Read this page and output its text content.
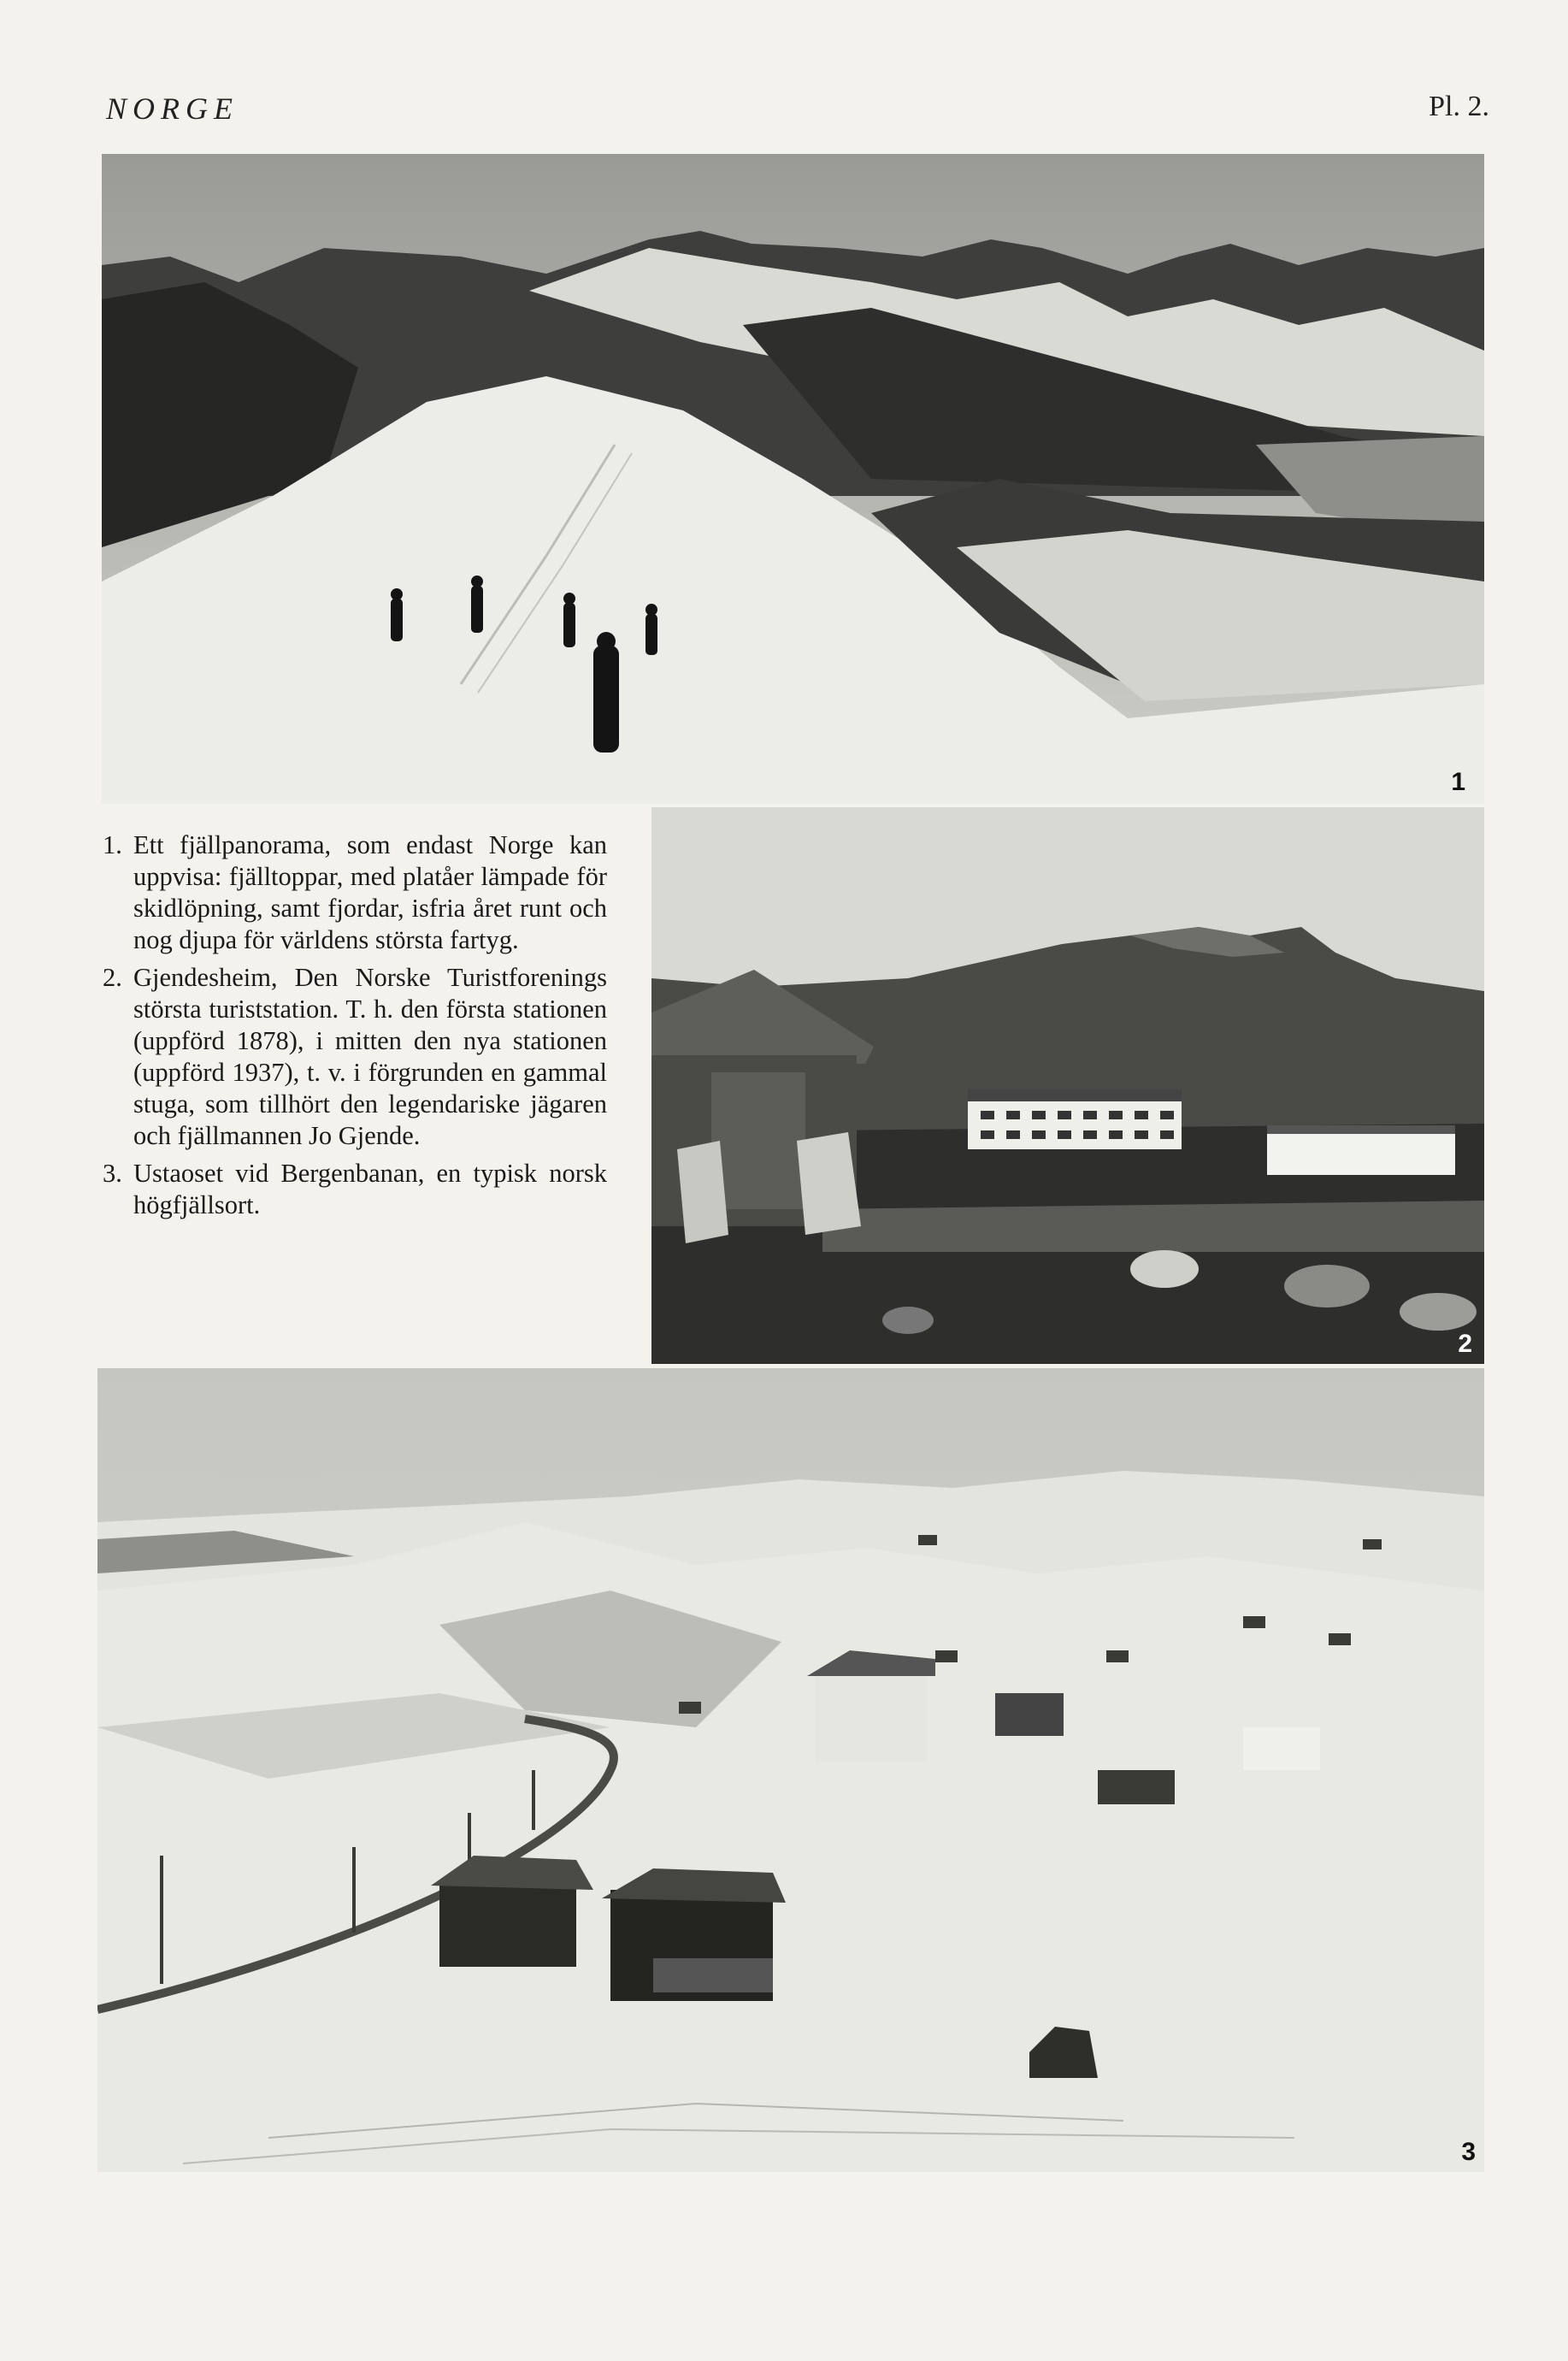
NORGE	Pl. 2.
1

1. Ett fjällpanorama, som endast Norge kan uppvisa: fjälltoppar, med platåer lämpade för skidlöpning, samt fjordar, isfria året runt och nog djupa för världens största fartyg.

2. Gjendesheim, Den Norske Turistforenings största turiststation. T. h. den första stationen (uppförd 1878), i mitten den nya stationen (uppförd 1937), t. v. i förgrunden en gammal stuga, som tillhört den legendariske jägaren och fjällmannen Jo Gjende.

3. Ustaoset vid Bergenbanan, en typisk norsk högfjällsort.

2
3
